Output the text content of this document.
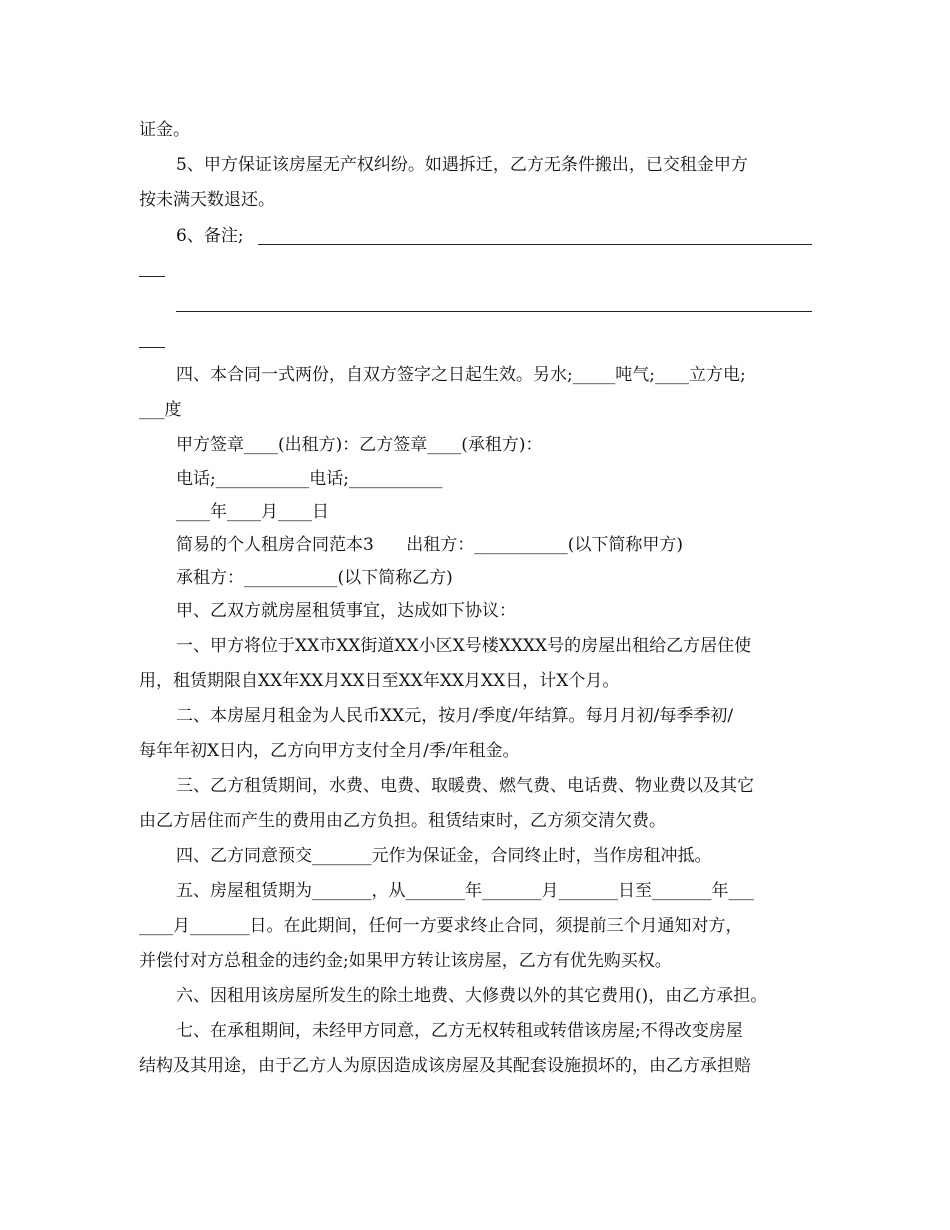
证金。
5、甲方保证该房屋无产权纠纷。如遇拆迁，乙方无条件搬出，已交租金甲方
按未满天数退还。
6、备注;
四、本合同一式两份，自双方签字之日起生效。另水;_____吨气;____立方电;
___度
甲方签章____(出租方)：乙方签章____(承租方)：
电话;___________电话;___________
____年____月____日
简易的个人租房合同范本3      出租方：___________(以下简称甲方)
承租方：___________(以下简称乙方)
甲、乙双方就房屋租赁事宜，达成如下协议：
一、甲方将位于XX市XX街道XX小区X号楼XXXX号的房屋出租给乙方居住使
用，租赁期限自XX年XX月XX日至XX年XX月XX日，计X个月。
二、本房屋月租金为人民币XX元，按月/季度/年结算。每月月初/每季季初/
每年年初X日内，乙方向甲方支付全月/季/年租金。
三、乙方租赁期间，水费、电费、取暖费、燃气费、电话费、物业费以及其它
由乙方居住而产生的费用由乙方负担。租赁结束时，乙方须交清欠费。
四、乙方同意预交_______元作为保证金，合同终止时，当作房租冲抵。
五、房屋租赁期为_______，从_______年_______月_______日至_______年___
____月_______日。在此期间，任何一方要求终止合同，须提前三个月通知对方，
并偿付对方总租金的违约金;如果甲方转让该房屋，乙方有优先购买权。
六、因租用该房屋所发生的除土地费、大修费以外的其它费用()，由乙方承担。
七、在承租期间，未经甲方同意，乙方无权转租或转借该房屋;不得改变房屋
结构及其用途，由于乙方人为原因造成该房屋及其配套设施损坏的，由乙方承担赔
